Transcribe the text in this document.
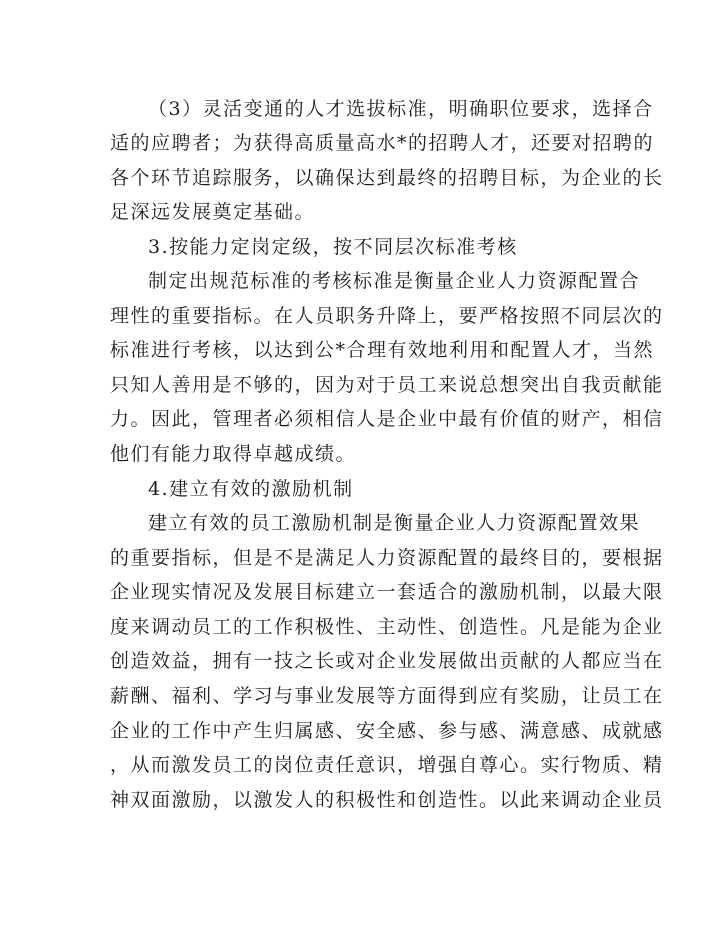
（3）灵活变通的人才选拔标准，明确职位要求，选择合
适的应聘者；为获得高质量高水*的招聘人才，还要对招聘的
各个环节追踪服务，以确保达到最终的招聘目标，为企业的长
足深远发展奠定基础。
3.按能力定岗定级，按不同层次标准考核
制定出规范标准的考核标准是衡量企业人力资源配置合
理性的重要指标。在人员职务升降上，要严格按照不同层次的
标准进行考核，以达到公*合理有效地利用和配置人才，当然
只知人善用是不够的，因为对于员工来说总想突出自我贡献能
力。因此，管理者必须相信人是企业中最有价值的财产，相信
他们有能力取得卓越成绩。
4.建立有效的激励机制
建立有效的员工激励机制是衡量企业人力资源配置效果
的重要指标，但是不是满足人力资源配置的最终目的，要根据
企业现实情况及发展目标建立一套适合的激励机制，以最大限
度来调动员工的工作积极性、主动性、创造性。凡是能为企业
创造效益，拥有一技之长或对企业发展做出贡献的人都应当在
薪酬、福利、学习与事业发展等方面得到应有奖励，让员工在
企业的工作中产生归属感、安全感、参与感、满意感、成就感
，从而激发员工的岗位责任意识，增强自尊心。实行物质、精
神双面激励，以激发人的积极性和创造性。以此来调动企业员
